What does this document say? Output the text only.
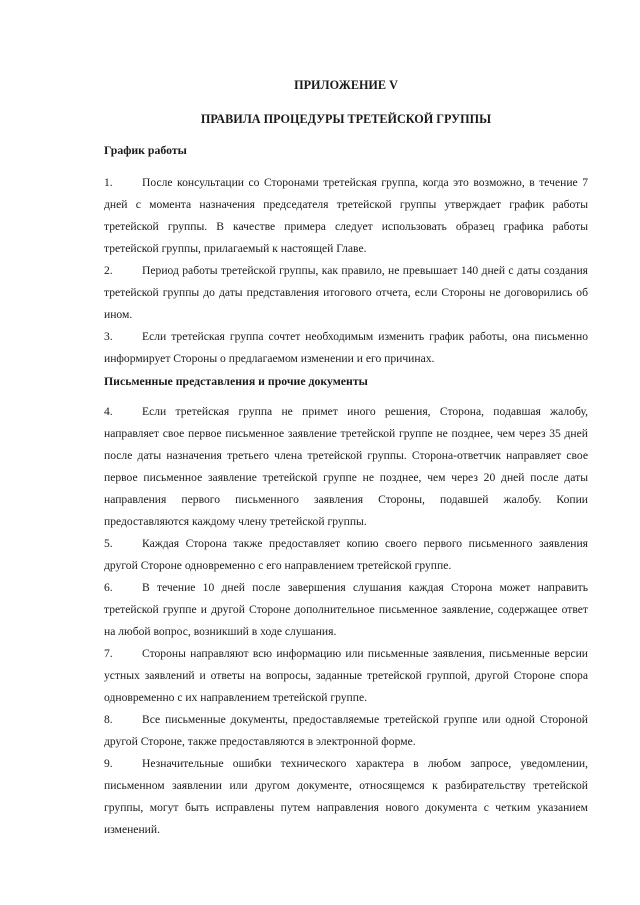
ПРИЛОЖЕНИЕ V

ПРАВИЛА ПРОЦЕДУРЫ ТРЕТЕЙСКОЙ ГРУППЫ

График работы

1.	После консультации со Сторонами третейская группа, когда это возможно, в течение 7 дней с момента назначения председателя третейской группы утверждает график работы третейской группы. В качестве примера следует использовать образец графика работы третейской группы, прилагаемый к настоящей Главе.

2.	Период работы третейской группы, как правило, не превышает 140 дней с даты создания третейской группы до даты представления итогового отчета, если Стороны не договорились об ином.

3.	Если третейская группа сочтет необходимым изменить график работы, она письменно информирует Стороны о предлагаемом изменении и его причинах.

Письменные представления и прочие документы

4.	Если третейская группа не примет иного решения, Сторона, подавшая жалобу, направляет свое первое письменное заявление третейской группе не позднее, чем через 35 дней после даты назначения третьего члена третейской группы. Сторона-ответчик направляет свое первое письменное заявление третейской группе не позднее, чем через 20 дней после даты направления первого письменного заявления Стороны, подавшей жалобу. Копии предоставляются каждому члену третейской группы.

5.	Каждая Сторона также предоставляет копию своего первого письменного заявления другой Стороне одновременно с его направлением третейской группе.

6.	В течение 10 дней после завершения слушания каждая Сторона может направить третейской группе и другой Стороне дополнительное письменное заявление, содержащее ответ на любой вопрос, возникший в ходе слушания.

7.	Стороны направляют всю информацию или письменные заявления, письменные версии устных заявлений и ответы на вопросы, заданные третейской группой, другой Стороне спора одновременно с их направлением третейской группе.

8.	Все письменные документы, предоставляемые третейской группе или одной Стороной другой Стороне, также предоставляются в электронной форме.

9.	Незначительные ошибки технического характера в любом запросе, уведомлении, письменном заявлении или другом документе, относящемся к разбирательству третейской группы, могут быть исправлены путем направления нового документа с четким указанием изменений.
